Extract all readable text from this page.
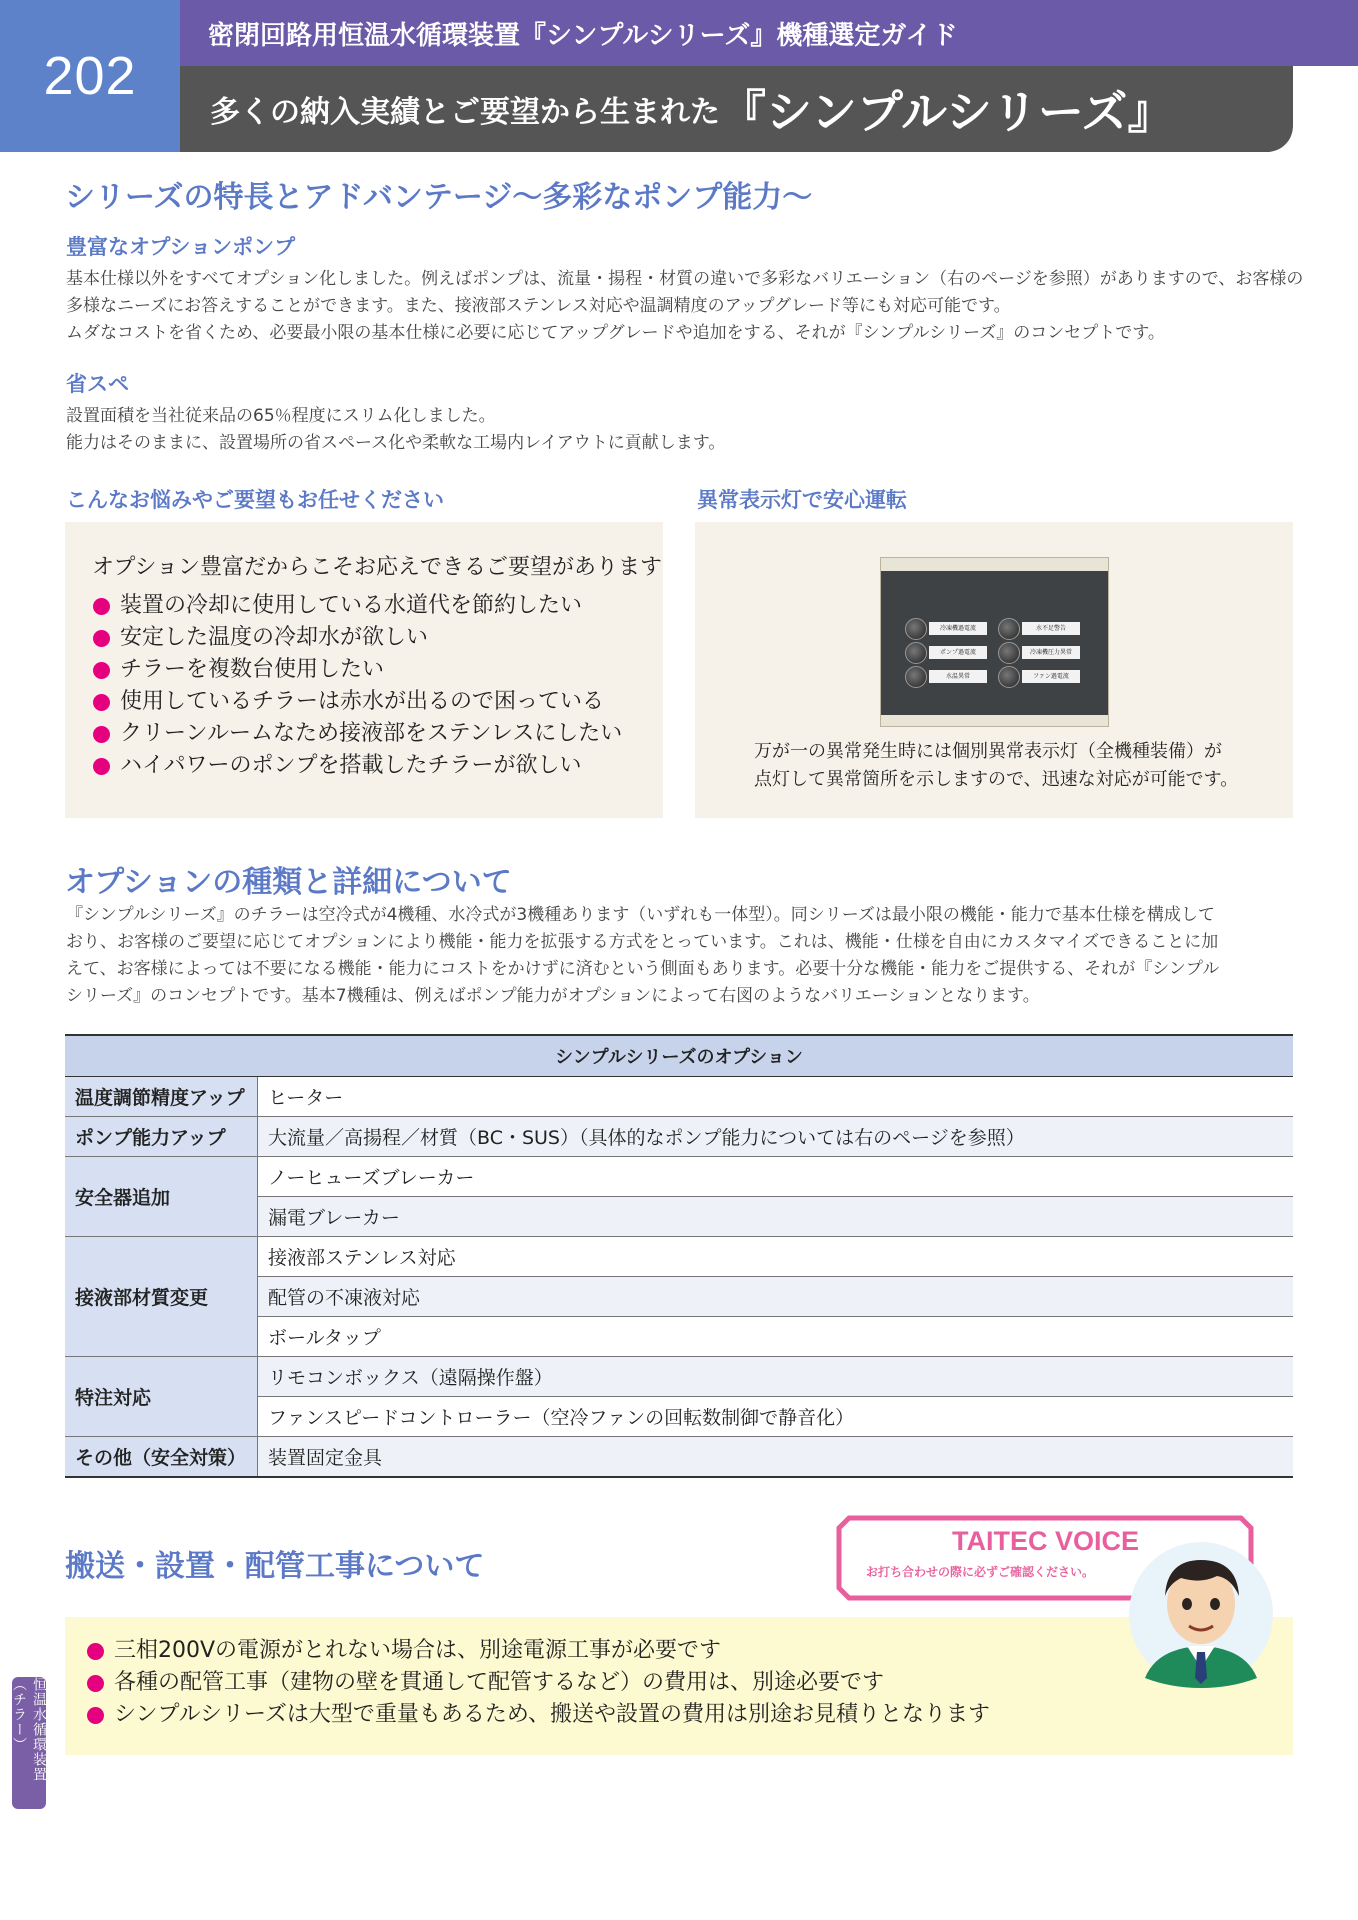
202
密閉回路用恒温水循環装置『シンプルシリーズ』機種選定ガイド
多くの納入実績とご要望から生まれた 『シンプルシリーズ』
シリーズの特長とアドバンテージ〜多彩なポンプ能力〜
豊富なオプションポンプ
基本仕様以外をすべてオプション化しました。例えばポンプは、流量・揚程・材質の違いで多彩なバリエーション（右のページを参照）がありますので、お客様の
多様なニーズにお答えすることができます。また、接液部ステンレス対応や温調精度のアップグレード等にも対応可能です。
ムダなコストを省くため、必要最小限の基本仕様に必要に応じてアップグレードや追加をする、それが『シンプルシリーズ』のコンセプトです。
省スペ
設置面積を当社従来品の65％程度にスリム化しました。
能力はそのままに、設置場所の省スペース化や柔軟な工場内レイアウトに貢献します。
こんなお悩みやご要望もお任せください
オプション豊富だからこそお応えできるご要望があります
装置の冷却に使用している水道代を節約したい
安定した温度の冷却水が欲しい
チラーを複数台使用したい
使用しているチラーは赤水が出るので困っている
クリーンルームなため接液部をステンレスにしたい
ハイパワーのポンプを搭載したチラーが欲しい
異常表示灯で安心運転
冷凍機過電流	水不足警告
ポンプ過電流	冷凍機圧力異常
水温異常	ファン過電流
万が一の異常発生時には個別異常表示灯（全機種装備）が
点灯して異常箇所を示しますので、迅速な対応が可能です。
オプションの種類と詳細について
『シンプルシリーズ』のチラーは空冷式が4機種、水冷式が3機種あります（いずれも一体型）。同シリーズは最小限の機能・能力で基本仕様を構成して
おり、お客様のご要望に応じてオプションにより機能・能力を拡張する方式をとっています。これは、機能・仕様を自由にカスタマイズできることに加
えて、お客様によっては不要になる機能・能力にコストをかけずに済むという側面もあります。必要十分な機能・能力をご提供する、それが『シンプル
シリーズ』のコンセプトです。基本7機種は、例えばポンプ能力がオプションによって右図のようなバリエーションとなります。
シンプルシリーズのオプション	
温度調節精度アップ	ヒーター
ポンプ能力アップ	大流量／高揚程／材質（BC・SUS）（具体的なポンプ能力については右のページを参照）
安全器追加	ノーヒューズブレーカー
	漏電ブレーカー
接液部材質変更	接液部ステンレス対応
	配管の不凍液対応
	ボールタップ
特注対応	リモコンボックス（遠隔操作盤）
	ファンスピードコントローラー（空冷ファンの回転数制御で静音化）
その他（安全対策）	装置固定金具
搬送・設置・配管工事について
TAITEC VOICE
お打ち合わせの際に必ずご確認ください。
三相200Vの電源がとれない場合は、別途電源工事が必要です
各種の配管工事（建物の壁を貫通して配管するなど）の費用は、別途必要です
シンプルシリーズは大型で重量もあるため、搬送や設置の費用は別途お見積りとなります
恒温水循環装置（チラー）
